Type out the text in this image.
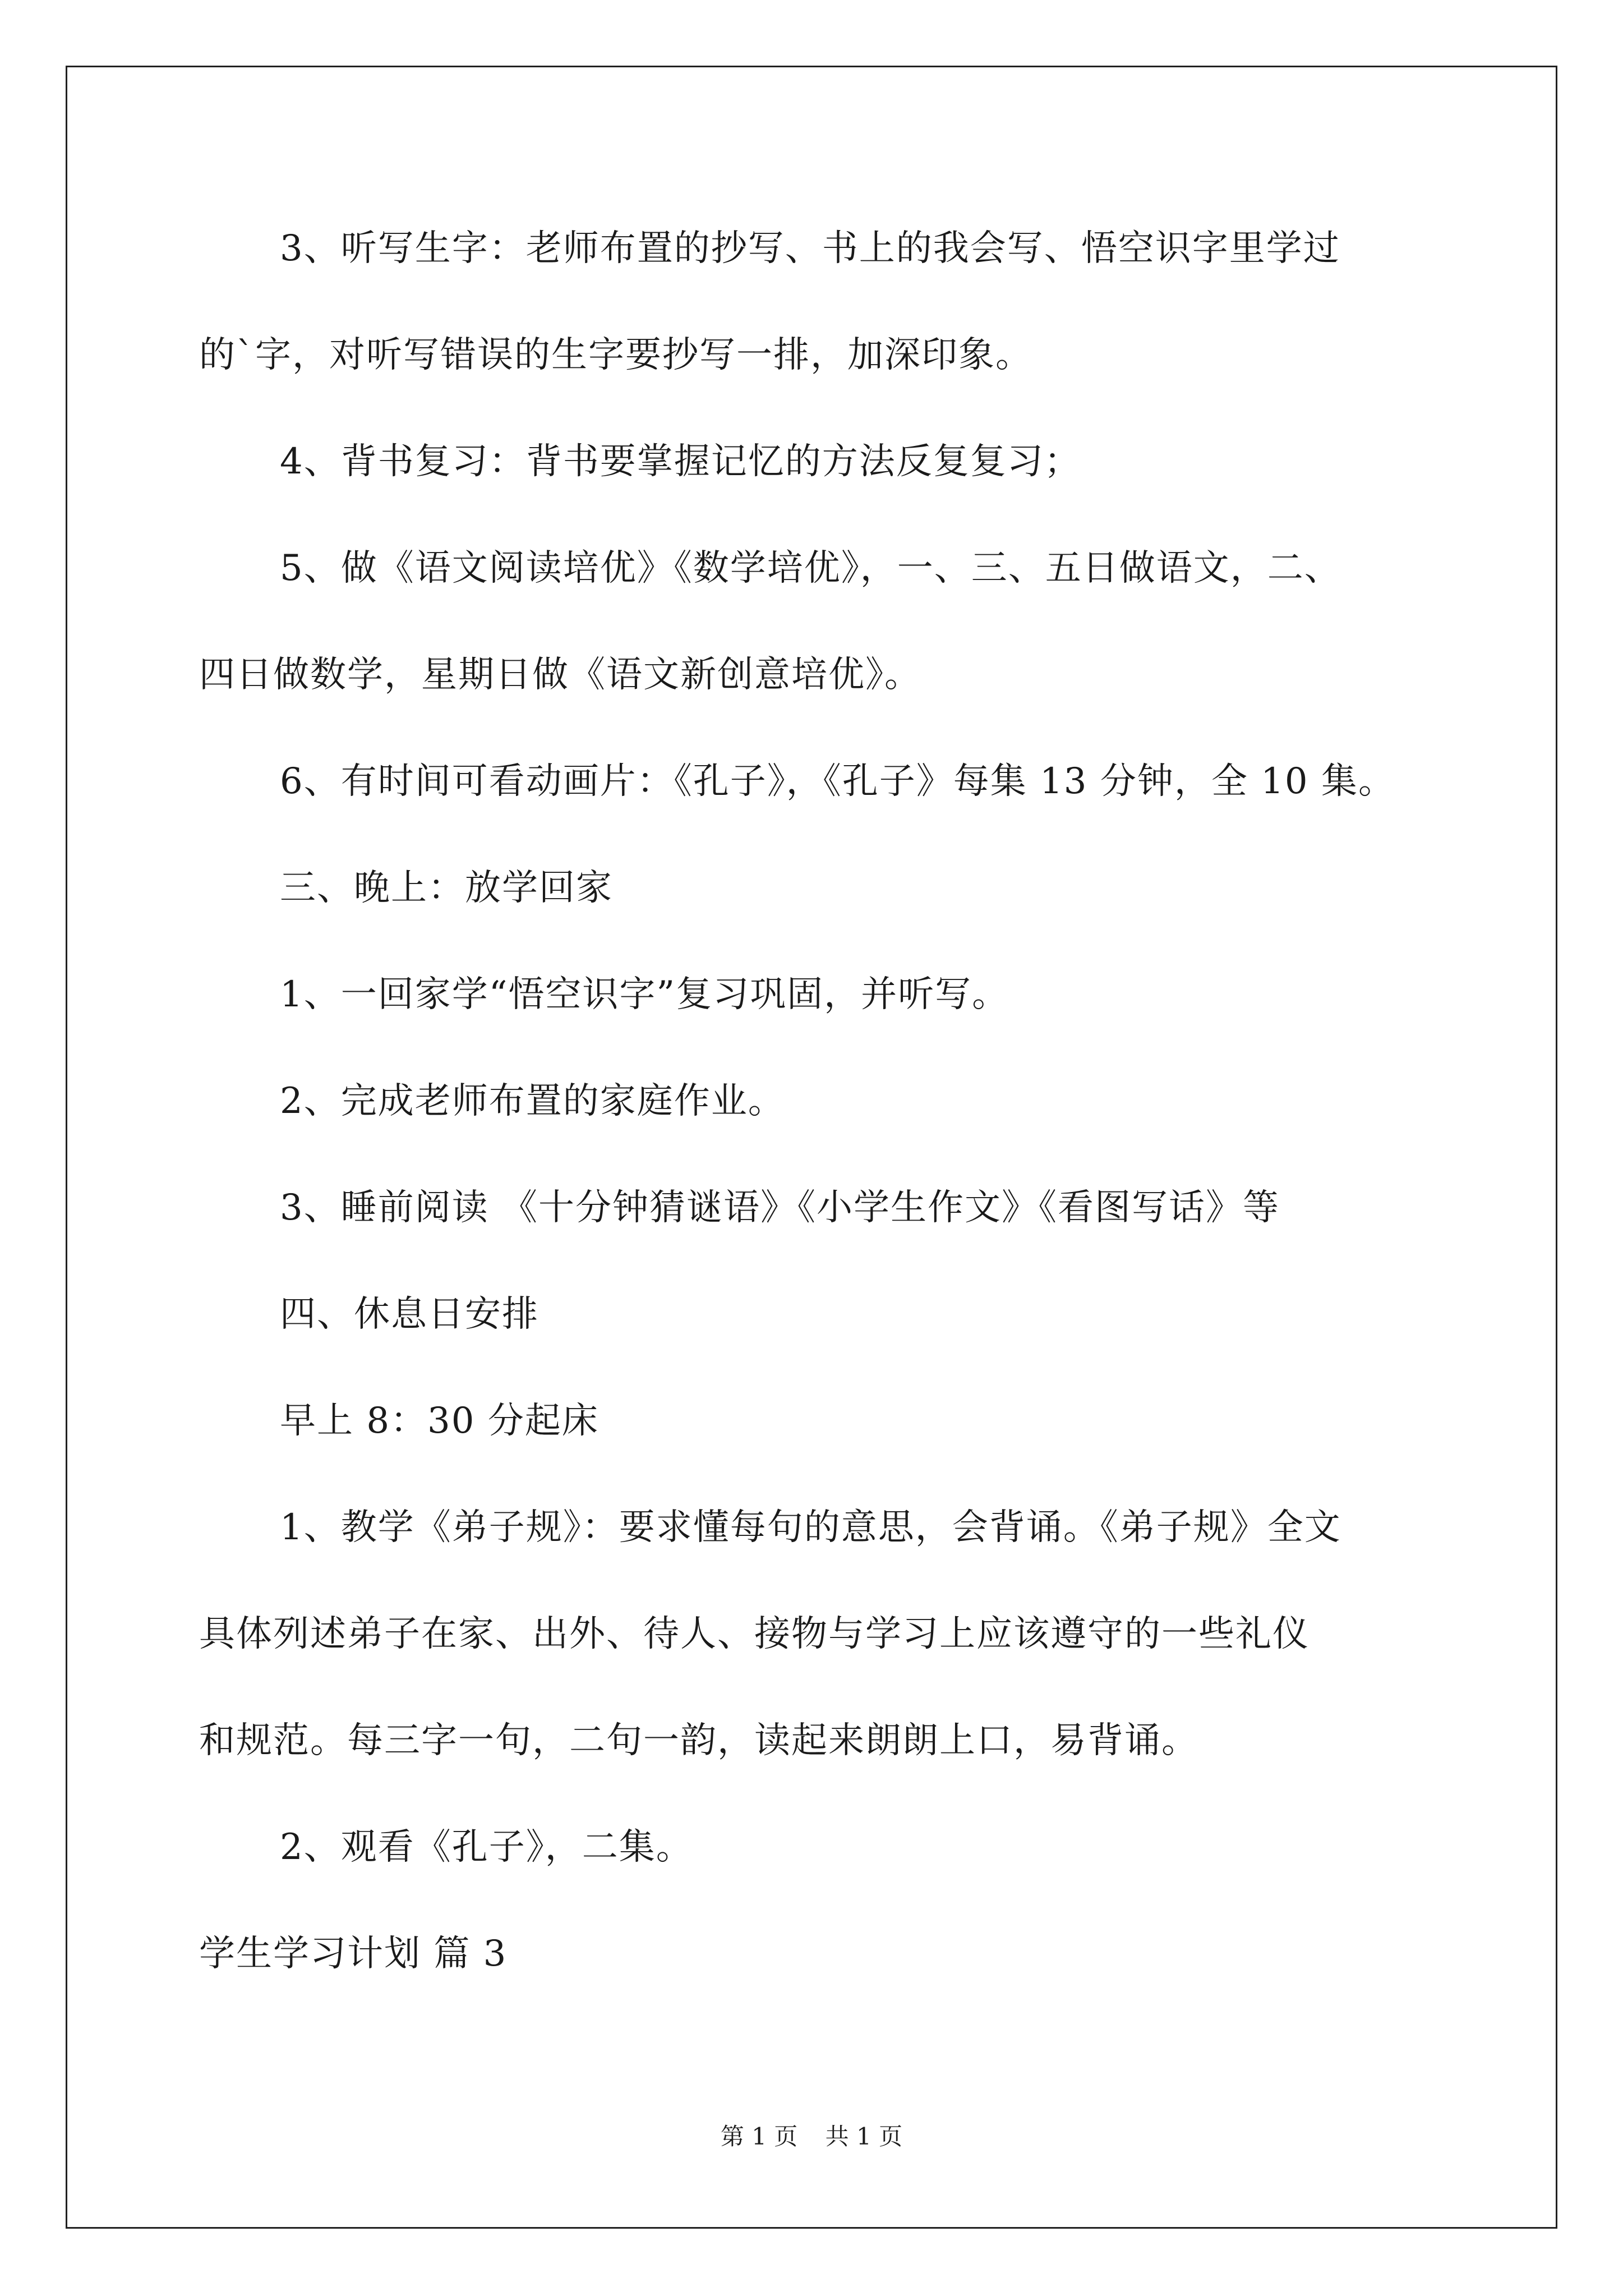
3、听写生字：老师布置的抄写、书上的我会写、悟空识字里学过
的`字，对听写错误的生字要抄写一排，加深印象。
4、背书复习：背书要掌握记忆的方法反复复习；
5、做《语文阅读培优》《数学培优》，一、三、五日做语文，二、
四日做数学，星期日做《语文新创意培优》。
6、有时间可看动画片：《孔子》，《孔子》每集 13 分钟，全 10 集。
三、晚上：放学回家
1、一回家学“悟空识字”复习巩固，并听写。
2、完成老师布置的家庭作业。
3、睡前阅读 《十分钟猜谜语》《小学生作文》《看图写话》等
四、休息日安排
早上 8：30 分起床
1、教学《弟子规》：要求懂每句的意思，会背诵。《弟子规》全文
具体列述弟子在家、出外、待人、接物与学习上应该遵守的一些礼仪
和规范。每三字一句，二句一韵，读起来朗朗上口，易背诵。
2、观看《孔子》，二集。
学生学习计划 篇 3
第 1 页 共 1 页
